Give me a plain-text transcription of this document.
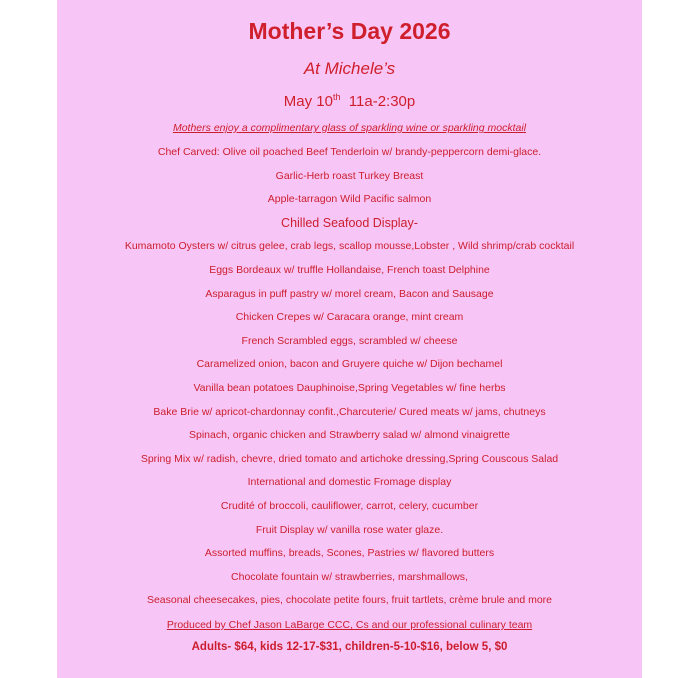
Mother’s Day 2026
At Michele’s
May 10th 11a-2:30p
Mothers enjoy a complimentary glass of sparkling wine or sparkling mocktail
Chef Carved: Olive oil poached Beef Tenderloin w/ brandy-peppercorn demi-glace.
Garlic-Herb roast Turkey Breast
Apple-tarragon Wild Pacific salmon
Chilled Seafood Display-
Kumamoto Oysters w/ citrus gelee, crab legs, scallop mousse,Lobster , Wild shrimp/crab cocktail
Eggs Bordeaux w/ truffle Hollandaise, French toast Delphine
Asparagus in puff pastry w/ morel cream, Bacon and Sausage
Chicken Crepes w/ Caracara orange, mint cream
French Scrambled eggs, scrambled w/ cheese
Caramelized onion, bacon and Gruyere quiche w/ Dijon bechamel
Vanilla bean potatoes Dauphinoise,Spring Vegetables w/ fine herbs
Bake Brie w/ apricot-chardonnay confit.,Charcuterie/ Cured meats w/ jams, chutneys
Spinach, organic chicken and Strawberry salad w/ almond vinaigrette
Spring Mix w/ radish, chevre, dried tomato and artichoke dressing,Spring Couscous Salad
International and domestic Fromage display
Crudité of broccoli, cauliflower, carrot, celery, cucumber
Fruit Display w/ vanilla rose water glaze.
Assorted muffins, breads, Scones, Pastries w/ flavored butters
Chocolate fountain w/ strawberries, marshmallows,
Seasonal cheesecakes, pies, chocolate petite fours, fruit tartlets, crème brule and more
Produced by Chef Jason LaBarge CCC, Cs and our professional culinary team
Adults- $64, kids 12-17-$31, children-5-10-$16, below 5, $0
